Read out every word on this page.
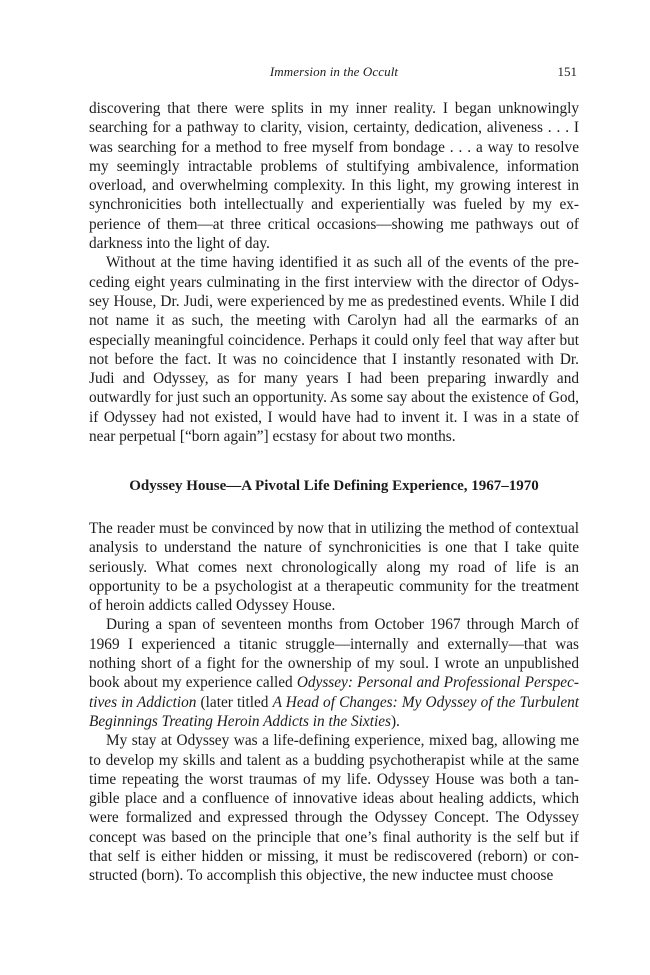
Immersion in the Occult	151

discovering that there were splits in my inner reality. I began unknowingly searching for a pathway to clarity, vision, certainty, dedication, aliveness . . . I was searching for a method to free myself from bondage . . . a way to resolve my seemingly intractable problems of stultifying ambivalence, information overload, and overwhelming complexity. In this light, my growing interest in synchronicities both intellectually and experientially was fueled by my experience of them—at three critical occasions—showing me pathways out of darkness into the light of day.

Without at the time having identified it as such all of the events of the preceding eight years culminating in the first interview with the director of Odyssey House, Dr. Judi, were experienced by me as predestined events. While I did not name it as such, the meeting with Carolyn had all the earmarks of an especially meaningful coincidence. Perhaps it could only feel that way after but not before the fact. It was no coincidence that I instantly resonated with Dr. Judi and Odyssey, as for many years I had been preparing inwardly and outwardly for just such an opportunity. As some say about the existence of God, if Odyssey had not existed, I would have had to invent it. I was in a state of near perpetual [“born again”] ecstasy for about two months.

Odyssey House—A Pivotal Life Defining Experience, 1967–1970

The reader must be convinced by now that in utilizing the method of contextual analysis to understand the nature of synchronicities is one that I take quite seriously. What comes next chronologically along my road of life is an opportunity to be a psychologist at a therapeutic community for the treatment of heroin addicts called Odyssey House.

During a span of seventeen months from October 1967 through March of 1969 I experienced a titanic struggle—internally and externally—that was nothing short of a fight for the ownership of my soul. I wrote an unpublished book about my experience called Odyssey: Personal and Professional Perspectives in Addiction (later titled A Head of Changes: My Odyssey of the Turbulent Beginnings Treating Heroin Addicts in the Sixties).

My stay at Odyssey was a life-defining experience, mixed bag, allowing me to develop my skills and talent as a budding psychotherapist while at the same time repeating the worst traumas of my life. Odyssey House was both a tangible place and a confluence of innovative ideas about healing addicts, which were formalized and expressed through the Odyssey Concept. The Odyssey concept was based on the principle that one’s final authority is the self but if that self is either hidden or missing, it must be rediscovered (reborn) or constructed (born). To accomplish this objective, the new inductee must choose
